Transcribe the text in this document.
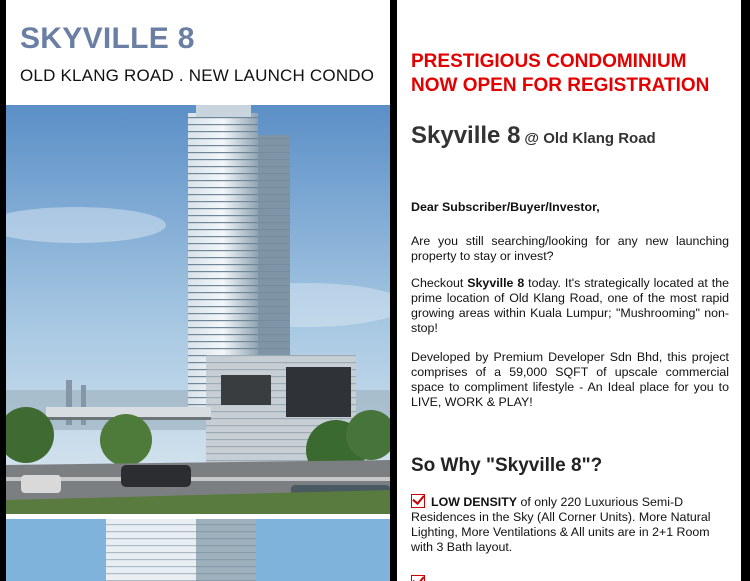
SKYVILLE 8
OLD KLANG ROAD . NEW LAUNCH CONDO
PRESTIGIOUS CONDOMINIUM NOW OPEN FOR REGISTRATION
Skyville 8 @ Old Klang Road

Dear Subscriber/Buyer/Investor,

Are you still searching/looking for any new launching property to stay or invest?

Checkout Skyville 8 today. It's strategically located at the prime location of Old Klang Road, one of the most rapid growing areas within Kuala Lumpur; "Mushrooming" non-stop!

Developed by Premium Developer Sdn Bhd, this project comprises of a 59,000 SQFT of upscale commercial space to compliment lifestyle - An Ideal place for you to LIVE, WORK & PLAY!

So Why "Skyville 8"?
LOW DENSITY of only 220 Luxurious Semi-D Residences in the Sky (All Corner Units). More Natural Lighting, More Ventilations & All units are in 2+1 Room with 3 Bath layout.
